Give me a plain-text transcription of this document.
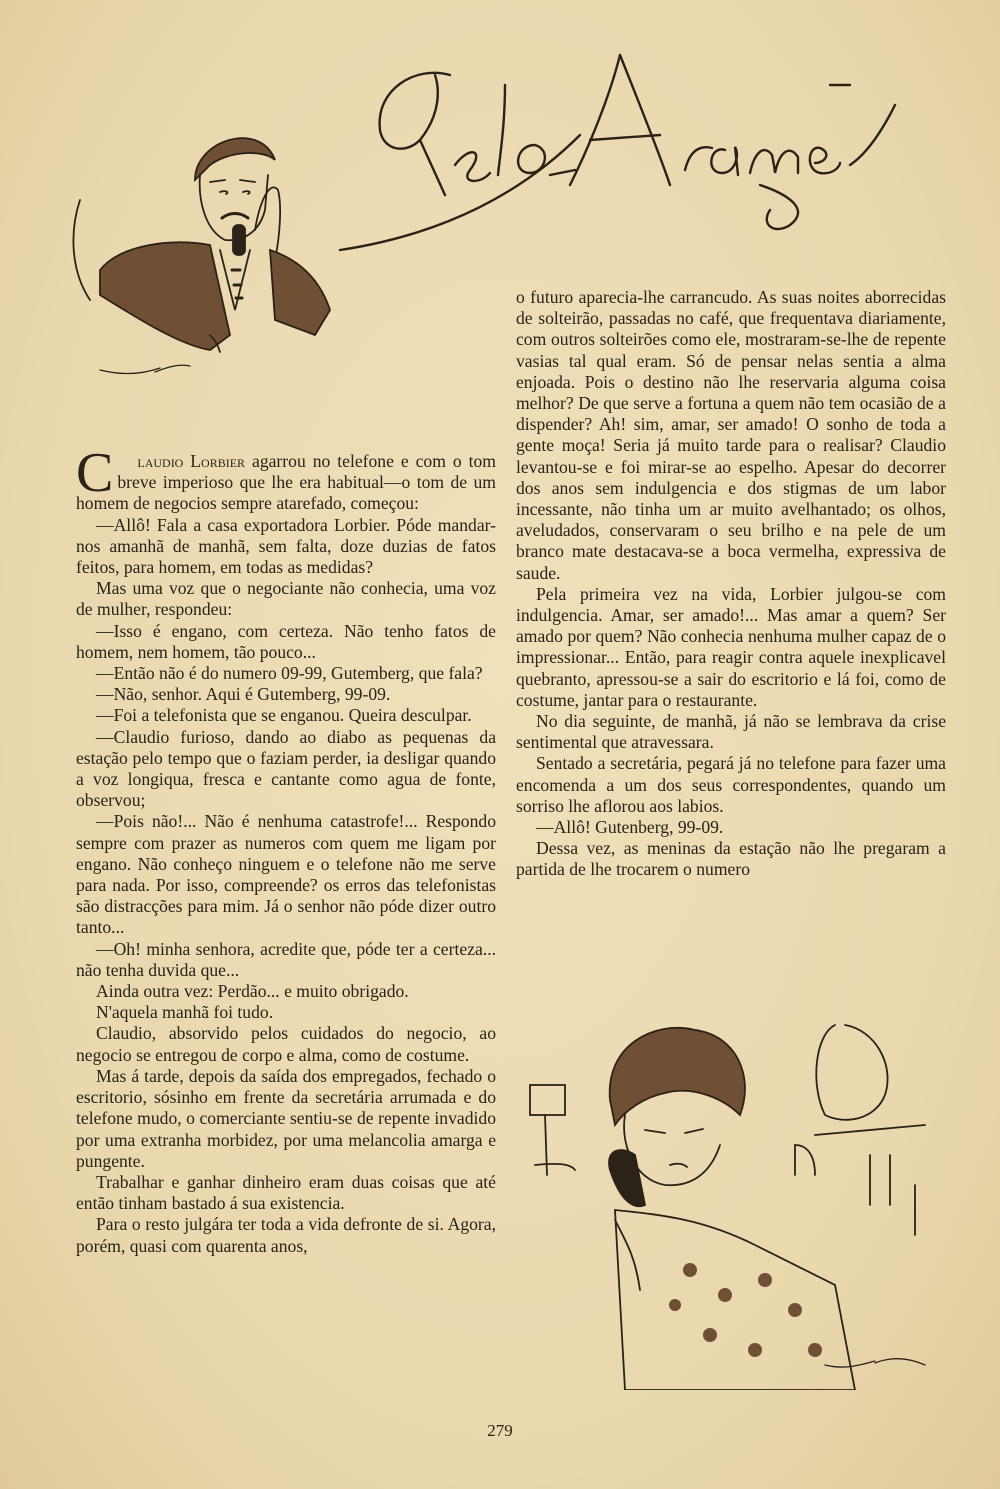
C laudio Lorbier agarrou no telefone e com o tom breve imperioso que lhe era habitual—o tom de um homem de negocios sempre atarefado, começou:

—Allô! Fala a casa exportadora Lorbier. Póde mandar-nos amanhã de manhã, sem falta, doze duzias de fatos feitos, para homem, em todas as medidas?

Mas uma voz que o negociante não conhecia, uma voz de mulher, respondeu:

—Isso é engano, com certeza. Não tenho fatos de homem, nem homem, tão pouco...

—Então não é do numero 09-99, Gutemberg, que fala?

—Não, senhor. Aqui é Gutemberg, 99-09.

—Foi a telefonista que se enganou. Queira desculpar.

—Claudio furioso, dando ao diabo as pequenas da estação pelo tempo que o faziam perder, ia desligar quando a voz longiqua, fresca e cantante como agua de fonte, observou;

—Pois não!... Não é nenhuma catastrofe!... Respondo sempre com prazer as numeros com quem me ligam por engano. Não conheço ninguem e o telefone não me serve para nada. Por isso, compreende? os erros das telefonistas são distracções para mim. Já o senhor não póde dizer outro tanto...

—Oh! minha senhora, acredite que, póde ter a certeza... não tenha duvida que...

Ainda outra vez: Perdão... e muito obrigado.

N'aquela manhã foi tudo.

Claudio, absorvido pelos cuidados do negocio, ao negocio se entregou de corpo e alma, como de costume.

Mas á tarde, depois da saída dos empregados, fechado o escritorio, sósinho em frente da secretária arrumada e do telefone mudo, o comerciante sentiu-se de repente invadido por uma extranha morbidez, por uma melancolia amarga e pungente.

Trabalhar e ganhar dinheiro eram duas coisas que até então tinham bastado á sua existencia.

Para o resto julgára ter toda a vida defronte de si. Agora, porém, quasi com quarenta anos,

o futuro aparecia-lhe carrancudo. As suas noites aborrecidas de solteirão, passadas no café, que frequentava diariamente, com outros solteirões como ele, mostraram-se-lhe de repente vasias tal qual eram. Só de pensar nelas sentia a alma enjoada. Pois o destino não lhe reservaria alguma coisa melhor? De que serve a fortuna a quem não tem ocasião de a dispender? Ah! sim, amar, ser amado! O sonho de toda a gente moça! Seria já muito tarde para o realisar? Claudio levantou-se e foi mirar-se ao espelho. Apesar do decorrer dos anos sem indulgencia e dos stigmas de um labor incessante, não tinha um ar muito avelhantado; os olhos, aveludados, conservaram o seu brilho e na pele de um branco mate destacava-se a boca vermelha, expressiva de saude.

Pela primeira vez na vida, Lorbier julgou-se com indulgencia. Amar, ser amado!... Mas amar a quem? Ser amado por quem? Não conhecia nenhuma mulher capaz de o impressionar... Então, para reagir contra aquele inexplicavel quebranto, apressou-se a sair do escritorio e lá foi, como de costume, jantar para o restaurante.

No dia seguinte, de manhã, já não se lembrava da crise sentimental que atravessara.

Sentado a secretária, pegará já no telefone para fazer uma encomenda a um dos seus correspondentes, quando um sorriso lhe aflorou aos labios.

—Allô! Gutenberg, 99-09.

Dessa vez, as meninas da estação não lhe pregaram a partida de lhe trocarem o numero

279
